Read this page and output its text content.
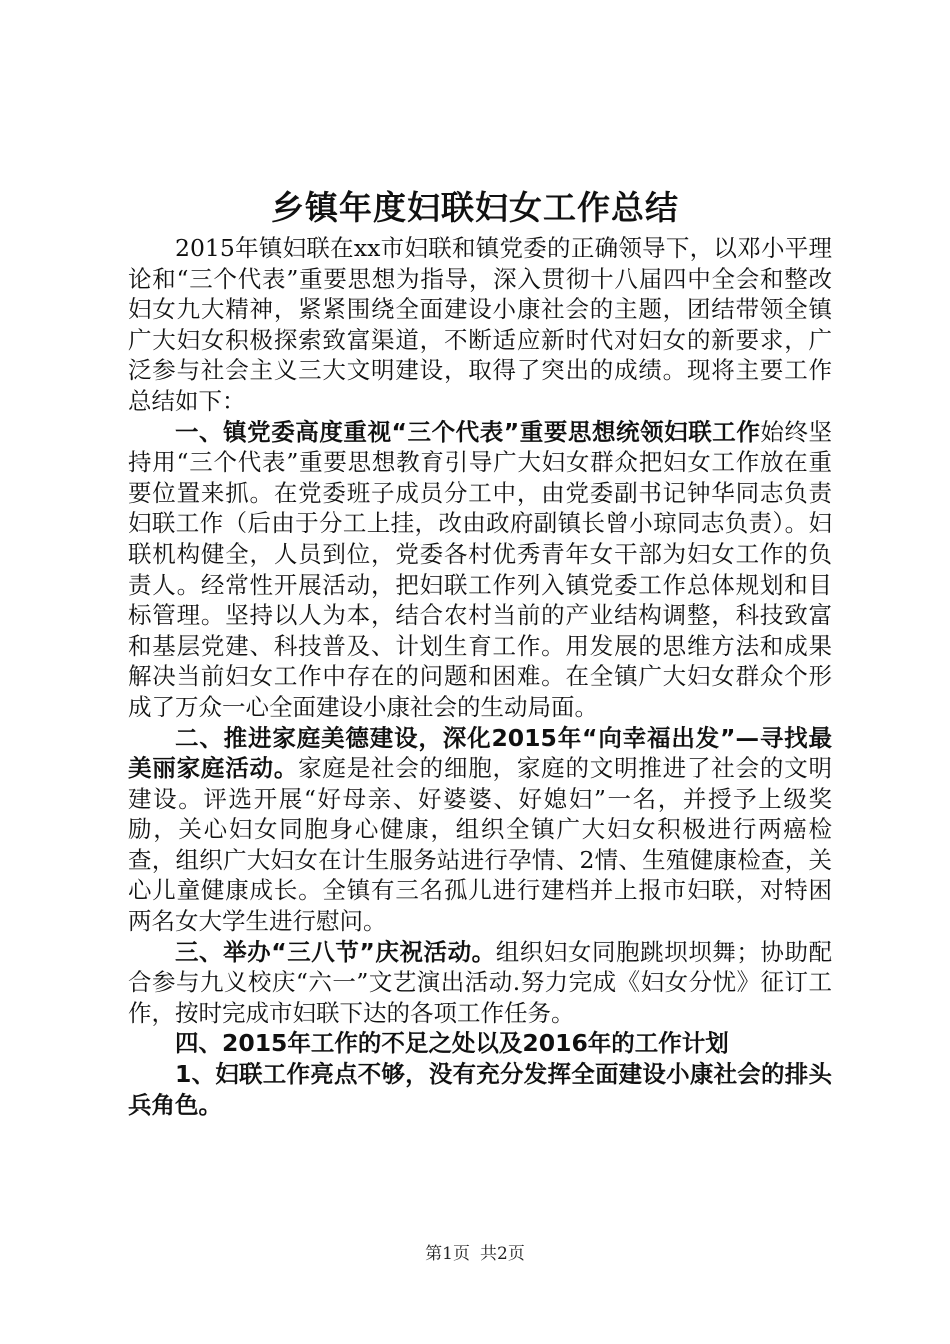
乡镇年度妇联妇女工作总结

2015年镇妇联在xx市妇联和镇党委的正确领导下，以邓小平理论和“三个代表”重要思想为指导，深入贯彻十八届四中全会和整改妇女九大精神，紧紧围绕全面建设小康社会的主题，团结带领全镇广大妇女积极探索致富渠道，不断适应新时代对妇女的新要求，广泛参与社会主义三大文明建设，取得了突出的成绩。现将主要工作总结如下：

一、镇党委高度重视“三个代表”重要思想统领妇联工作始终坚持用“三个代表”重要思想教育引导广大妇女群众把妇女工作放在重要位置来抓。在党委班子成员分工中，由党委副书记钟华同志负责妇联工作（后由于分工上挂，改由政府副镇长曾小琼同志负责）。妇联机构健全，人员到位，党委各村优秀青年女干部为妇女工作的负责人。经常性开展活动，把妇联工作列入镇党委工作总体规划和目标管理。坚持以人为本，结合农村当前的产业结构调整，科技致富和基层党建、科技普及、计划生育工作。用发展的思维方法和成果解决当前妇女工作中存在的问题和困难。在全镇广大妇女群众个形成了万众一心全面建设小康社会的生动局面。

二、推进家庭美德建设，深化2015年“向幸福出发”—寻找最美丽家庭活动。家庭是社会的细胞，家庭的文明推进了社会的文明建设。评选开展“好母亲、好婆婆、好媳妇”一名，并授予上级奖励，关心妇女同胞身心健康，组织全镇广大妇女积极进行两癌检查，组织广大妇女在计生服务站进行孕情、2情、生殖健康检查，关心儿童健康成长。全镇有三名孤儿进行建档并上报市妇联，对特困两名女大学生进行慰问。

三、举办“三八节”庆祝活动。组织妇女同胞跳坝坝舞；协助配合参与九义校庆“六一”文艺演出活动.努力完成《妇女分忧》征订工作，按时完成市妇联下达的各项工作任务。

四、2015年工作的不足之处以及2016年的工作计划

1、妇联工作亮点不够，没有充分发挥全面建设小康社会的排头兵角色。

第1页 共2页
